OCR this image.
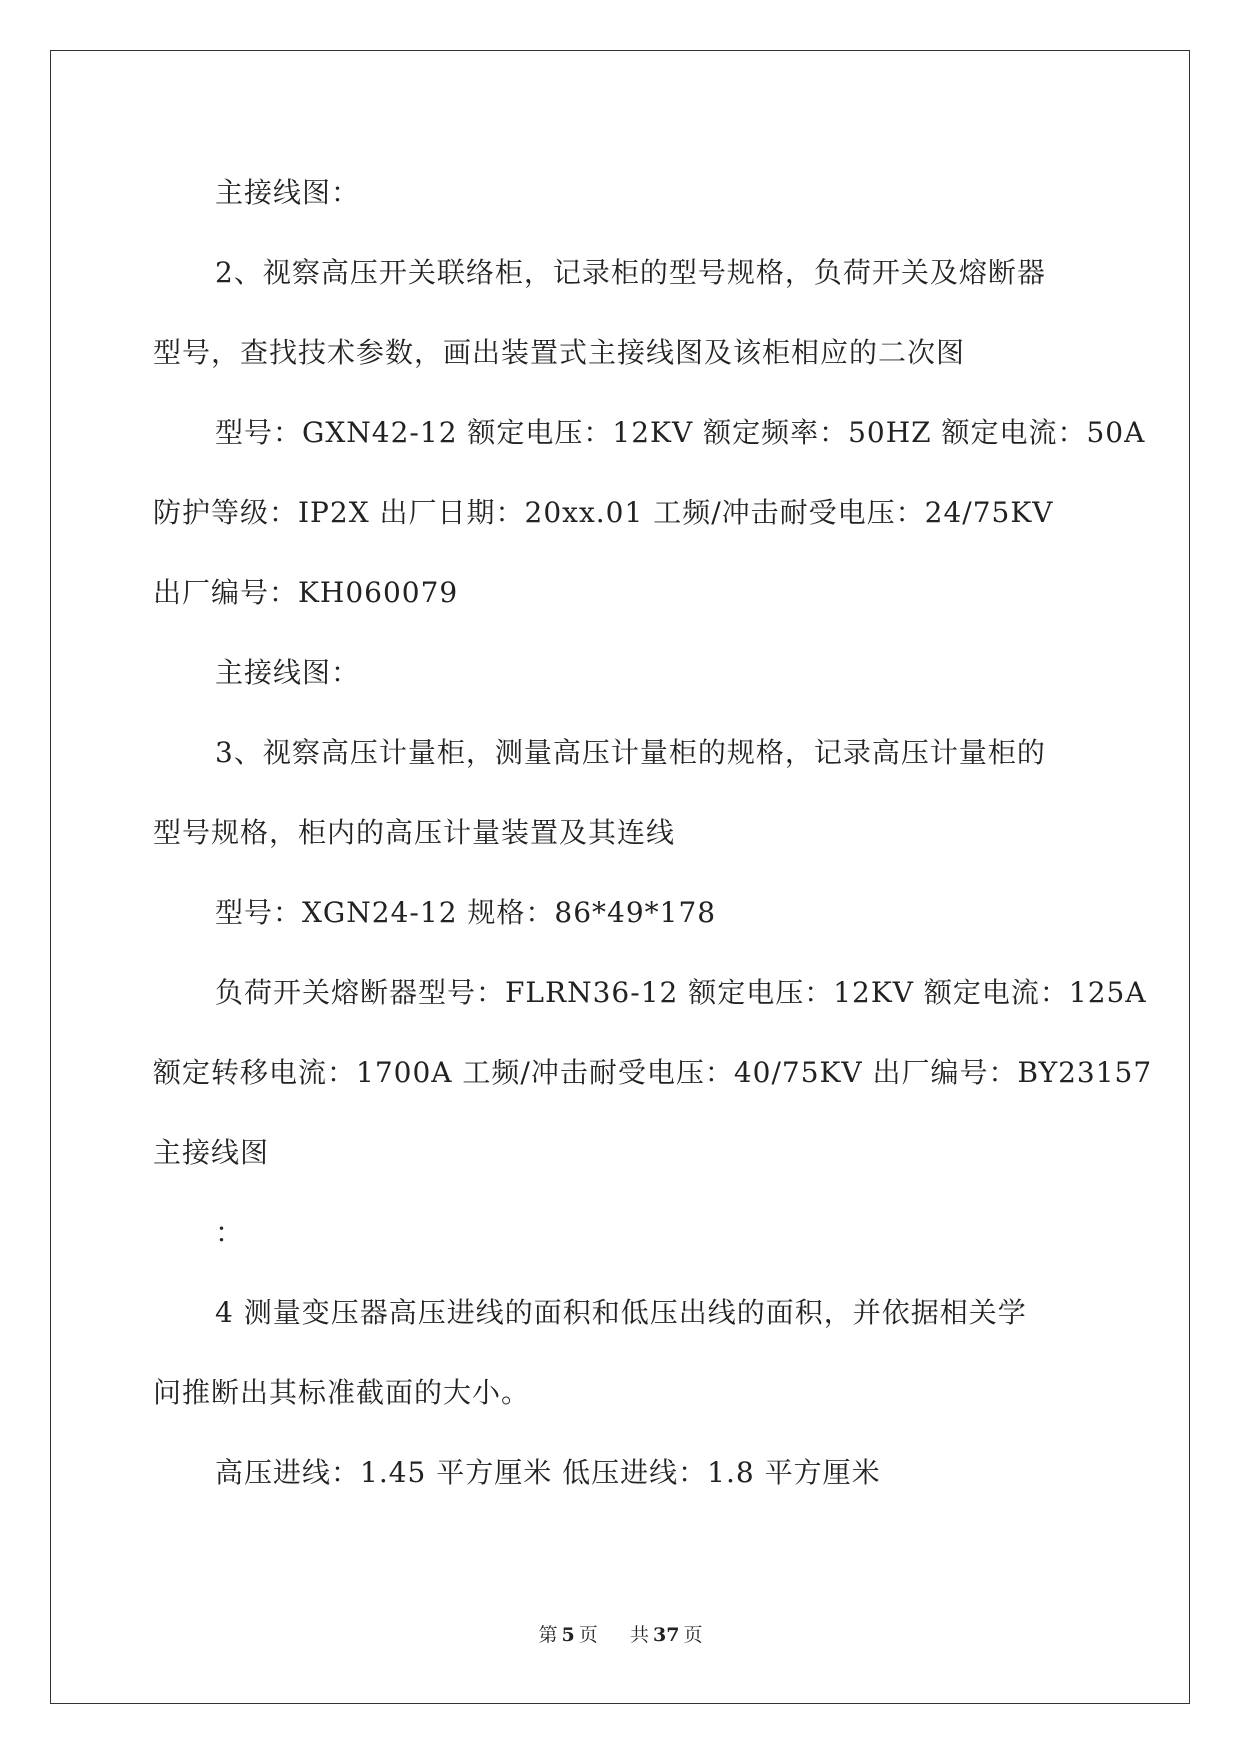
主接线图：
2、视察高压开关联络柜，记录柜的型号规格，负荷开关及熔断器
型号，查找技术参数，画出装置式主接线图及该柜相应的二次图
型号：GXN42-12 额定电压：12KV 额定频率：50HZ 额定电流：50A
防护等级：IP2X 出厂日期：20xx.01 工频/冲击耐受电压：24/75KV
出厂编号：KH060079
主接线图：
3、视察高压计量柜，测量高压计量柜的规格，记录高压计量柜的
型号规格，柜内的高压计量装置及其连线
型号：XGN24-12 规格：86*49*178
负荷开关熔断器型号：FLRN36-12 额定电压：12KV 额定电流：125A
额定转移电流：1700A 工频/冲击耐受电压：40/75KV 出厂编号：BY23157
主接线图
：
4 测量变压器高压进线的面积和低压出线的面积，并依据相关学
问推断出其标准截面的大小。
高压进线：1.45 平方厘米 低压进线：1.8 平方厘米
第 5 页 共 37 页
